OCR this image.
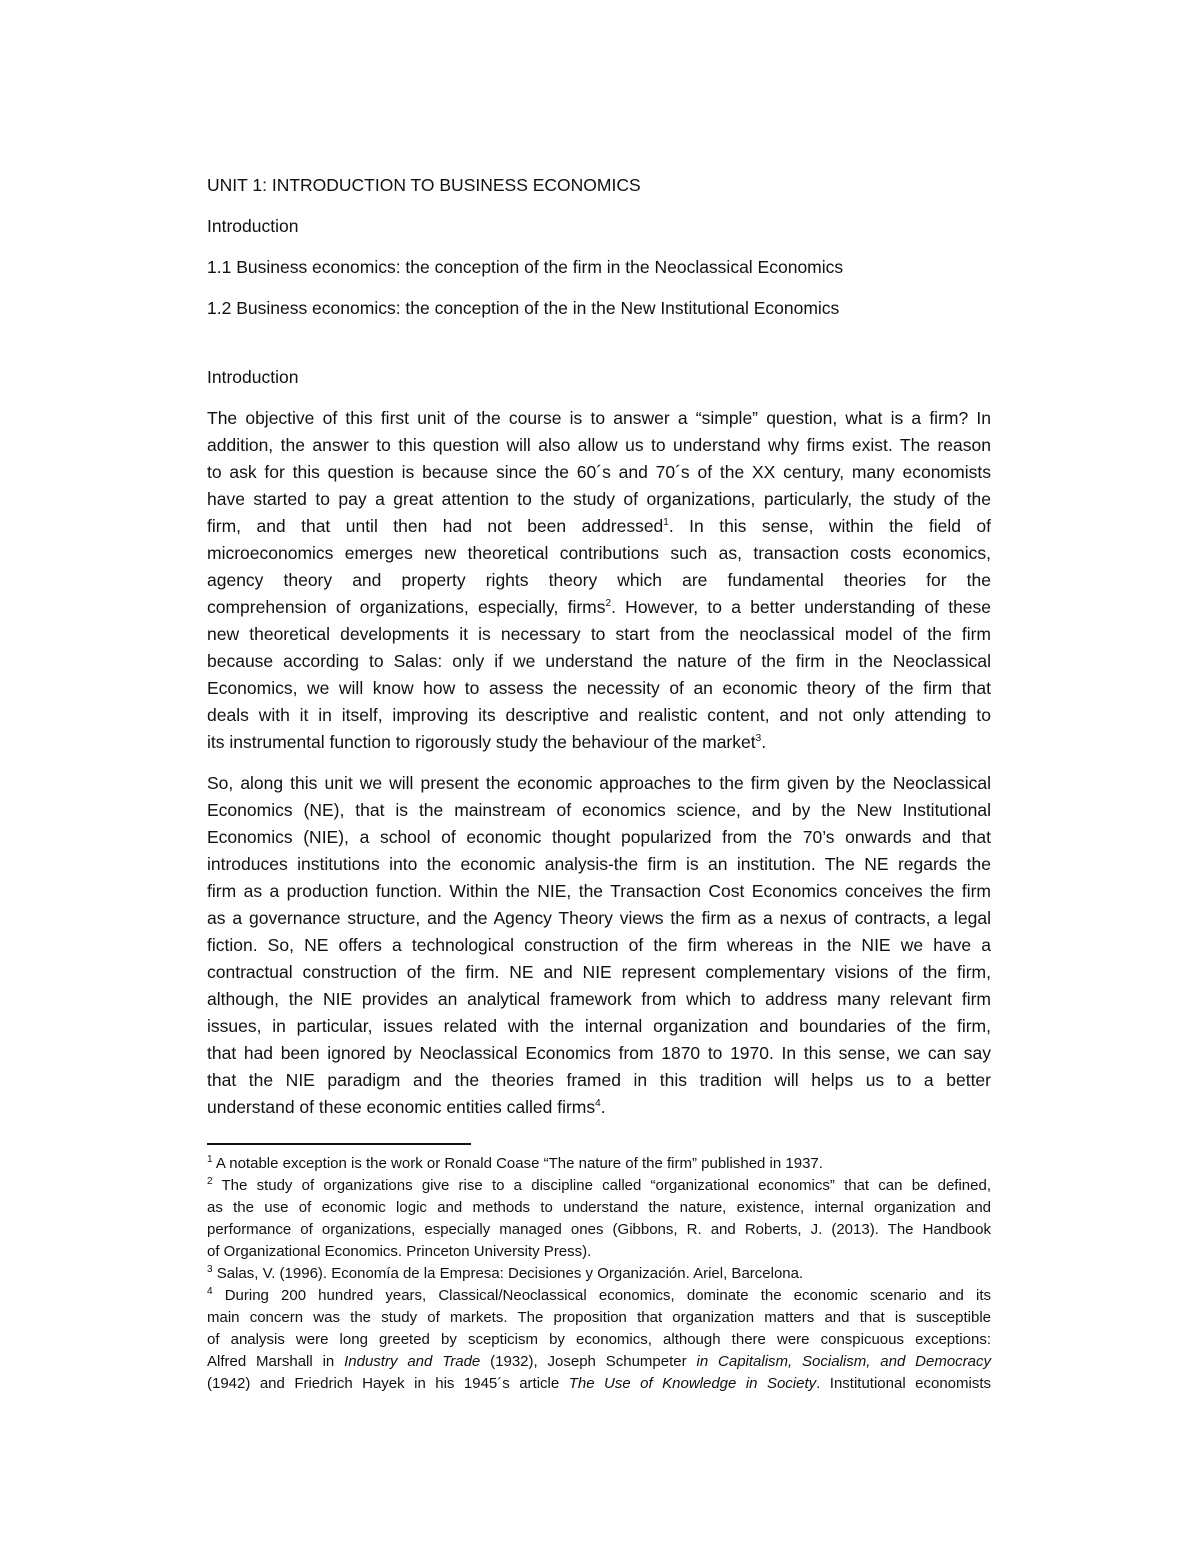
UNIT 1: INTRODUCTION TO BUSINESS ECONOMICS

Introduction

1.1 Business economics: the conception of the firm in the Neoclassical Economics

1.2 Business economics: the conception of the in the New Institutional Economics

Introduction

The objective of this first unit of the course is to answer a “simple” question, what is a firm? In
addition, the answer to this question will also allow us to understand why firms exist. The reason
to ask for this question is because since the 60´s and 70´s of the XX century, many economists
have started to pay a great attention to the study of organizations, particularly, the study of the
firm, and that until then had not been addressed$^1$. In this sense, within the field of
microeconomics emerges new theoretical contributions such as, transaction costs economics,
agency theory and property rights theory which are fundamental theories for the
comprehension of organizations, especially, firms$^2$. However, to a better understanding of these
new theoretical developments it is necessary to start from the neoclassical model of the firm
because according to Salas: only if we understand the nature of the firm in the Neoclassical
Economics, we will know how to assess the necessity of an economic theory of the firm that
deals with it in itself, improving its descriptive and realistic content, and not only attending to
its instrumental function to rigorously study the behaviour of the market$^3$.
So, along this unit we will present the economic approaches to the firm given by the Neoclassical
Economics (NE), that is the mainstream of economics science, and by the New Institutional
Economics (NIE), a school of economic thought popularized from the 70’s onwards and that
introduces institutions into the economic analysis-the firm is an institution. The NE regards the
firm as a production function. Within the NIE, the Transaction Cost Economics conceives the firm
as a governance structure, and the Agency Theory views the firm as a nexus of contracts, a legal
fiction. So, NE offers a technological construction of the firm whereas in the NIE we have a
contractual construction of the firm. NE and NIE represent complementary visions of the firm,
although, the NIE provides an analytical framework from which to address many relevant firm
issues, in particular, issues related with the internal organization and boundaries of the firm,
that had been ignored by Neoclassical Economics from 1870 to 1970. In this sense, we can say
that the NIE paradigm and the theories framed in this tradition will helps us to a better
understand of these economic entities called firms$^4$.
$^1$ A notable exception is the work or Ronald Coase “The nature of the firm” published in 1937.
$^2$ The study of organizations give rise to a discipline called “organizational economics” that can be defined,
as the use of economic logic and methods to understand the nature, existence, internal organization and
performance of organizations, especially managed ones (Gibbons, R. and Roberts, J. (2013). The Handbook
of Organizational Economics. Princeton University Press).
$^3$ Salas, V. (1996). Economía de la Empresa: Decisiones y Organización. Ariel, Barcelona.
$^4$ During 200 hundred years, Classical/Neoclassical economics, dominate the economic scenario and its
main concern was the study of markets. The proposition that organization matters and that is susceptible
of analysis were long greeted by scepticism by economics, although there were conspicuous exceptions:
Alfred Marshall in Industry and Trade (1932), Joseph Schumpeter in Capitalism, Socialism, and Democracy
(1942) and Friedrich Hayek in his 1945´s article The Use of Knowledge in Society. Institutional economists
